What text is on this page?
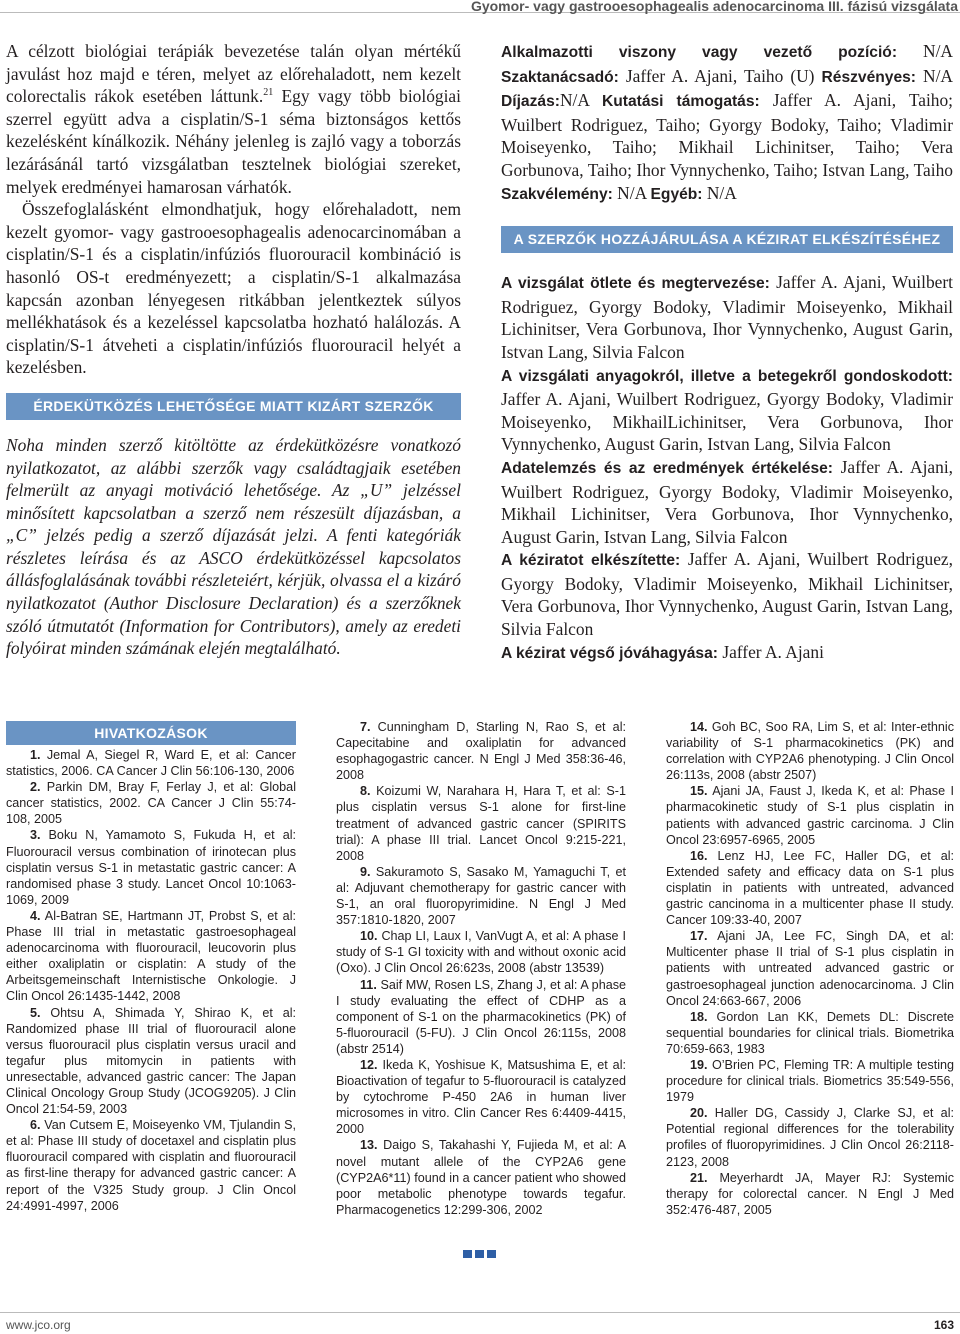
Gyomor- vagy gastrooesophagealis adenocarcinoma III. fázisú vizsgálata

A célzott biológiai terápiák bevezetése talán olyan mértékű javulást hoz majd e téren, melyet az előrehaladott, nem kezelt colorectalis rákok esetében láttunk.$^{21}$ Egy vagy több biológiai szerrel együtt adva a cisplatin/S-1 séma biztonságos kettős kezelésként kínálkozik. Néhány jelenleg is zajló vagy a toborzás lezárásánál tartó vizsgálatban tesztelnek biológiai szereket, melyek eredményei hamarosan várhatók.

Összefoglalásként elmondhatjuk, hogy előrehaladott, nem kezelt gyomor- vagy gastrooesophagealis adenocarcinomában a cisplatin/S-1 és a cisplatin/infúziós fluorouracil kombináció is hasonló OS-t eredményezett; a cisplatin/S-1 alkalmazása kapcsán azonban lényegesen ritkábban jelentkeztek súlyos mellékhatások és a kezeléssel kapcsolatba hozható halálozás. A cisplatin/S-1 átveheti a cisplatin/infúziós fluorouracil helyét a kezelésben.

ÉRDEKÜTKÖZÉS LEHETŐSÉGE MIATT KIZÁRT SZERZŐK

Noha minden szerző kitöltötte az érdekütközésre vonatkozó nyilatkozatot, az alábbi szerzők vagy családtagjaik esetében felmerült az anyagi motiváció lehetősége. Az „U” jelzéssel minősített kapcsolatban a szerző nem részesült díjazásban, a „C” jelzés pedig a szerző díjazását jelzi. A fenti kategóriák részletes leírása és az ASCO érdekütközéssel kapcsolatos állásfoglalásának további részleteiért, kérjük, olvassa el a kizáró nyilatkozatot (Author Disclosure Declaration) és a szerzőknek szóló útmutatót (Information for Contributors), amely az eredeti folyóirat minden számának elején megtalálható.

Alkalmazotti viszony vagy vezető pozíció: N/A Szaktanácsadó: Jaffer A. Ajani, Taiho (U) Részvényes: N/A Díjazás:N/A Kutatási támogatás: Jaffer A. Ajani, Taiho; Wuilbert Rodriguez, Taiho; Gyorgy Bodoky, Taiho; Vladimir Moiseyenko, Taiho; Mikhail Lichinitser, Taiho; Vera Gorbunova, Taiho; Ihor Vynnychenko, Taiho; Istvan Lang, Taiho Szakvélemény: N/A Egyéb: N/A

A SZERZŐK HOZZÁJÁRULÁSA A KÉZIRAT ELKÉSZÍTÉSÉHEZ

A vizsgálat ötlete és megtervezése: Jaffer A. Ajani, Wuilbert Rodriguez, Gyorgy Bodoky, Vladimir Moiseyenko, Mikhail Lichinitser, Vera Gorbunova, Ihor Vynnychenko, August Garin, Istvan Lang, Silvia Falcon

A vizsgálati anyagokról, illetve a betegekről gondoskodott: Jaffer A. Ajani, Wuilbert Rodriguez, Gyorgy Bodoky, Vladimir Moiseyenko, MikhailLichinitser, Vera Gorbunova, Ihor Vynnychenko, August Garin, Istvan Lang, Silvia Falcon

Adatelemzés és az eredmények értékelése: Jaffer A. Ajani, Wuilbert Rodriguez, Gyorgy Bodoky, Vladimir Moiseyenko, Mikhail Lichinitser, Vera Gorbunova, Ihor Vynnychenko, August Garin, Istvan Lang, Silvia Falcon

A kéziratot elkészítette: Jaffer A. Ajani, Wuilbert Rodriguez, Gyorgy Bodoky, Vladimir Moiseyenko, Mikhail Lichinitser, Vera Gorbunova, Ihor Vynnychenko, August Garin, Istvan Lang, Silvia Falcon

A kézirat végső jóváhagyása: Jaffer A. Ajani

HIVATKOZÁSOK

1. Jemal A, Siegel R, Ward E, et al: Cancer statistics, 2006. CA Cancer J Clin 56:106-130, 2006

2. Parkin DM, Bray F, Ferlay J, et al: Global cancer statistics, 2002. CA Cancer J Clin 55:74-108, 2005

3. Boku N, Yamamoto S, Fukuda H, et al: Fluorouracil versus combination of irinotecan plus cisplatin versus S-1 in metastatic gastric cancer: A randomised phase 3 study. Lancet Oncol 10:1063-1069, 2009

4. Al-Batran SE, Hartmann JT, Probst S, et al: Phase III trial in metastatic gastroesophageal adenocarcinoma with fluorouracil, leucovorin plus either oxaliplatin or cisplatin: A study of the Arbeitsgemeinschaft Internistische Onkologie. J Clin Oncol 26:1435-1442, 2008

5. Ohtsu A, Shimada Y, Shirao K, et al: Randomized phase III trial of fluorouracil alone versus fluorouracil plus cisplatin versus uracil and tegafur plus mitomycin in patients with unresectable, advanced gastric cancer: The Japan Clinical Oncology Group Study (JCOG9205). J Clin Oncol 21:54-59, 2003

6. Van Cutsem E, Moiseyenko VM, Tjulandin S, et al: Phase III study of docetaxel and cisplatin plus fluorouracil compared with cisplatin and fluorouracil as first-line therapy for advanced gastric cancer: A report of the V325 Study group. J Clin Oncol 24:4991-4997, 2006

7. Cunningham D, Starling N, Rao S, et al: Capecitabine and oxaliplatin for advanced esophagogastric cancer. N Engl J Med 358:36-46, 2008

8. Koizumi W, Narahara H, Hara T, et al: S-1 plus cisplatin versus S-1 alone for first-line treatment of advanced gastric cancer (SPIRITS trial): A phase III trial. Lancet Oncol 9:215-221, 2008

9. Sakuramoto S, Sasako M, Yamaguchi T, et al: Adjuvant chemotherapy for gastric cancer with S-1, an oral fluoropyrimidine. N Engl J Med 357:1810-1820, 2007

10. Chap LI, Laux I, VanVugt A, et al: A phase I study of S-1 GI toxicity with and without oxonic acid (Oxo). J Clin Oncol 26:623s, 2008 (abstr 13539)

11. Saif MW, Rosen LS, Zhang J, et al: A phase I study evaluating the effect of CDHP as a component of S-1 on the pharmacokinetics (PK) of 5-fluorouracil (5-FU). J Clin Oncol 26:115s, 2008 (abstr 2514)

12. Ikeda K, Yoshisue K, Matsushima E, et al: Bioactivation of tegafur to 5-fluorouracil is catalyzed by cytochrome P-450 2A6 in human liver microsomes in vitro. Clin Cancer Res 6:4409-4415, 2000

13. Daigo S, Takahashi Y, Fujieda M, et al: A novel mutant allele of the CYP2A6 gene (CYP2A6*11) found in a cancer patient who showed poor metabolic phenotype towards tegafur. Pharmacogenetics 12:299-306, 2002

14. Goh BC, Soo RA, Lim S, et al: Inter-ethnic variability of S-1 pharmacokinetics (PK) and correlation with CYP2A6 phenotyping. J Clin Oncol 26:113s, 2008 (abstr 2507)

15. Ajani JA, Faust J, Ikeda K, et al: Phase I pharmacokinetic study of S-1 plus cisplatin in patients with advanced gastric carcinoma. J Clin Oncol 23:6957-6965, 2005

16. Lenz HJ, Lee FC, Haller DG, et al: Extended safety and efficacy data on S-1 plus cisplatin in patients with untreated, advanced gastric cancinoma in a multicenter phase II study. Cancer 109:33-40, 2007

17. Ajani JA, Lee FC, Singh DA, et al: Multicenter phase II trial of S-1 plus cisplatin in patients with untreated advanced gastric or gastroesophageal junction adenocarcinoma. J Clin Oncol 24:663-667, 2006

18. Gordon Lan KK, Demets DL: Discrete sequential boundaries for clinical trials. Biometrika 70:659-663, 1983

19. O’Brien PC, Fleming TR: A multiple testing procedure for clinical trials. Biometrics 35:549-556, 1979

20. Haller DG, Cassidy J, Clarke SJ, et al: Potential regional differences for the tolerability profiles of fluoropyrimidines. J Clin Oncol 26:2118-2123, 2008

21. Meyerhardt JA, Mayer RJ: Systemic therapy for colorectal cancer. N Engl J Med 352:476-487, 2005

www.jco.org	163
